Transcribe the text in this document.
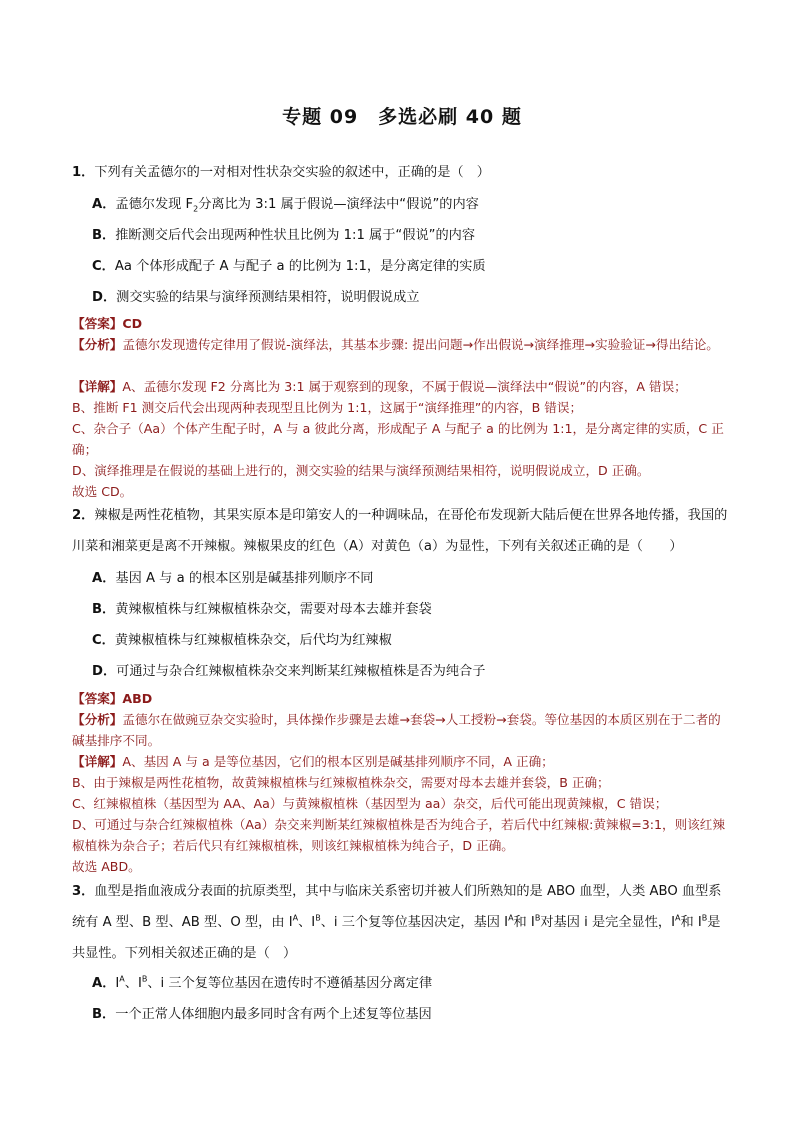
专题 09　多选必刷 40 题
1．下列有关孟德尔的一对相对性状杂交实验的叙述中，正确的是（　）
A．孟德尔发现 $F_2$分离比为 3:1 属于假说—演绎法中“假说”的内容
B．推断测交后代会出现两种性状且比例为 1:1 属于“假说”的内容
C．Aa 个体形成配子 A 与配子 a 的比例为 1:1，是分离定律的实质
D．测交实验的结果与演绎预测结果相符，说明假说成立
【答案】CD
【分析】孟德尔发现遗传定律用了假说-演绎法，其基本步骤: 提出问题→作出假说→演绎推理→实验验证→得出结论。
【详解】A、孟德尔发现 F2 分离比为 3:1 属于观察到的现象，不属于假说—演绎法中“假说”的内容，A 错误；
B、推断 F1 测交后代会出现两种表现型且比例为 1:1，这属于“演绎推理”的内容，B 错误；
C、杂合子（Aa）个体产生配子时，A 与 a 彼此分离，形成配子 A 与配子 a 的比例为 1:1，是分离定律的实质，C 正确；
D、演绎推理是在假说的基础上进行的，测交实验的结果与演绎预测结果相符，说明假说成立，D 正确。
故选 CD。
2．辣椒是两性花植物，其果实原本是印第安人的一种调味品，在哥伦布发现新大陆后便在世界各地传播，我国的川菜和湘菜更是离不开辣椒。辣椒果皮的红色（A）对黄色（a）为显性，下列有关叙述正确的是（　　）
A．基因 A 与 a 的根本区别是碱基排列顺序不同
B．黄辣椒植株与红辣椒植株杂交，需要对母本去雄并套袋
C．黄辣椒植株与红辣椒植株杂交，后代均为红辣椒
D．可通过与杂合红辣椒植株杂交来判断某红辣椒植株是否为纯合子
【答案】ABD
【分析】孟德尔在做豌豆杂交实验时，具体操作步骤是去雄→套袋→人工授粉→套袋。等位基因的本质区别在于二者的碱基排序不同。
【详解】A、基因 A 与 a 是等位基因，它们的根本区别是碱基排列顺序不同，A 正确；
B、由于辣椒是两性花植物，故黄辣椒植株与红辣椒植株杂交，需要对母本去雄并套袋，B 正确；
C、红辣椒植株（基因型为 AA、Aa）与黄辣椒植株（基因型为 aa）杂交，后代可能出现黄辣椒，C 错误；
D、可通过与杂合红辣椒植株（Aa）杂交来判断某红辣椒植株是否为纯合子，若后代中红辣椒:黄辣椒=3:1，则该红辣椒植株为杂合子；若后代只有红辣椒植株，则该红辣椒植株为纯合子，D 正确。
故选 ABD。
3．血型是指血液成分表面的抗原类型，其中与临床关系密切并被人们所熟知的是 ABO 血型，人类 ABO 血型系统有 A 型、B 型、AB 型、O 型，由 $I^A$、$I^B$、i 三个复等位基因决定，基因 $I^A$和 $I^B$对基因 i 是完全显性，$I^A$和 $I^B$是共显性。下列相关叙述正确的是（　）
A．$I^A$、$I^B$、i 三个复等位基因在遗传时不遵循基因分离定律
B．一个正常人体细胞内最多同时含有两个上述复等位基因
